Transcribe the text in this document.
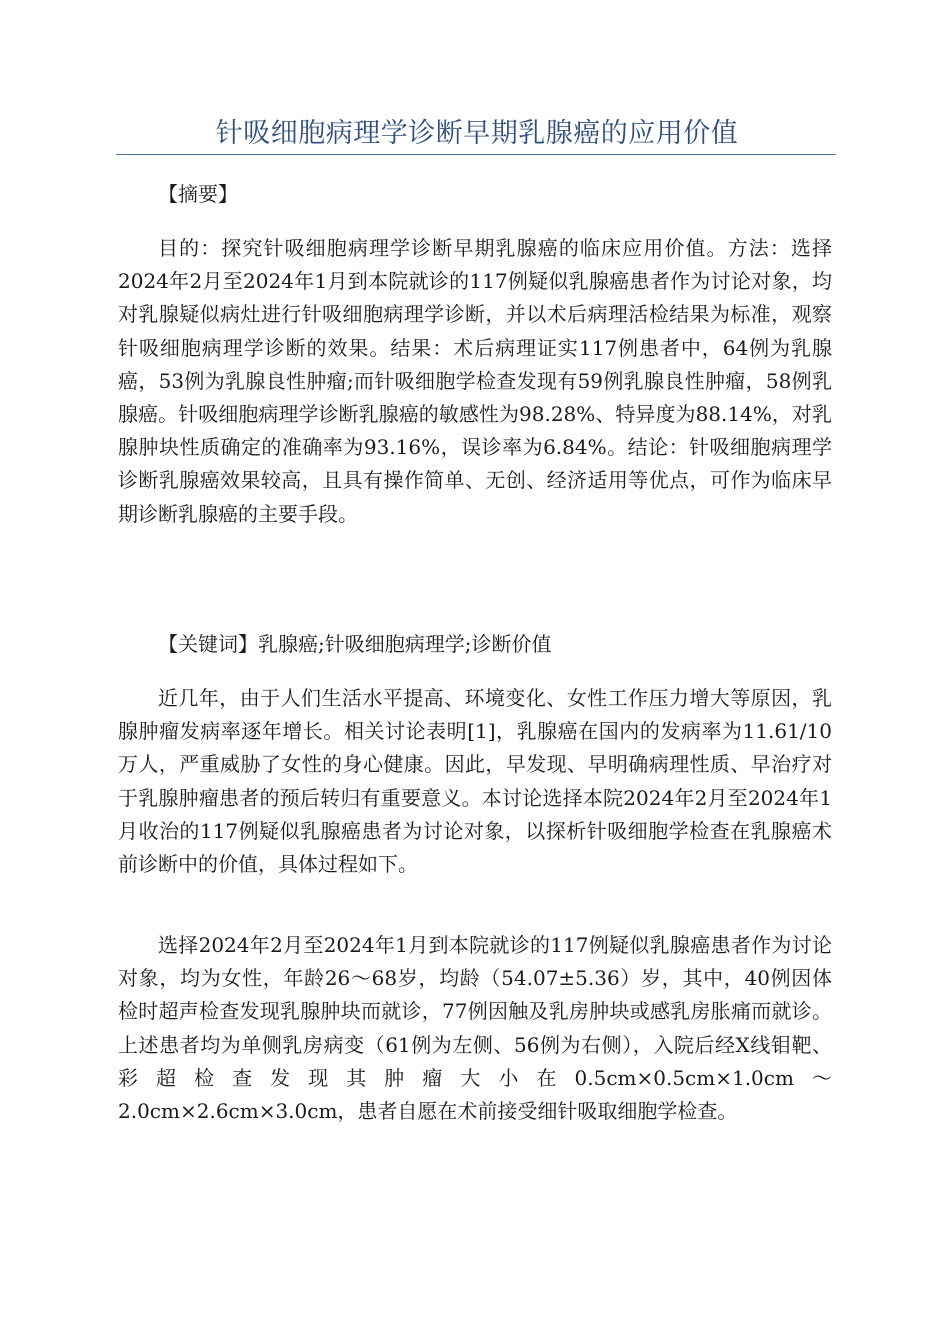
针吸细胞病理学诊断早期乳腺癌的应用价值
【摘要】
目的：探究针吸细胞病理学诊断早期乳腺癌的临床应用价值。方法：选择2024年2月至2024年1月到本院就诊的117例疑似乳腺癌患者作为讨论对象，均对乳腺疑似病灶进行针吸细胞病理学诊断，并以术后病理活检结果为标准，观察针吸细胞病理学诊断的效果。结果：术后病理证实117例患者中，64例为乳腺癌，53例为乳腺良性肿瘤;而针吸细胞学检查发现有59例乳腺良性肿瘤，58例乳腺癌。针吸细胞病理学诊断乳腺癌的敏感性为98.28%、特异度为88.14%，对乳腺肿块性质确定的准确率为93.16%，误诊率为6.84%。结论：针吸细胞病理学诊断乳腺癌效果较高，且具有操作简单、无创、经济适用等优点，可作为临床早期诊断乳腺癌的主要手段。
【关键词】乳腺癌;针吸细胞病理学;诊断价值
近几年，由于人们生活水平提高、环境变化、女性工作压力增大等原因，乳腺肿瘤发病率逐年增长。相关讨论表明[1]，乳腺癌在国内的发病率为11.61/10万人，严重威胁了女性的身心健康。因此，早发现、早明确病理性质、早治疗对于乳腺肿瘤患者的预后转归有重要意义。本讨论选择本院2024年2月至2024年1月收治的117例疑似乳腺癌患者为讨论对象，以探析针吸细胞学检查在乳腺癌术前诊断中的价值，具体过程如下。
选择2024年2月至2024年1月到本院就诊的117例疑似乳腺癌患者作为讨论对象，均为女性，年龄26～68岁，均龄（54.07±5.36）岁，其中，40例因体检时超声检查发现乳腺肿块而就诊，77例因触及乳房肿块或感乳房胀痛而就诊。上述患者均为单侧乳房病变（61例为左侧、56例为右侧），入院后经X线钼靶、彩超检查发现其肿瘤大小在0.5cm×0.5cm×1.0cm～2.0cm×2.6cm×3.0cm，患者自愿在术前接受细针吸取细胞学检查。
